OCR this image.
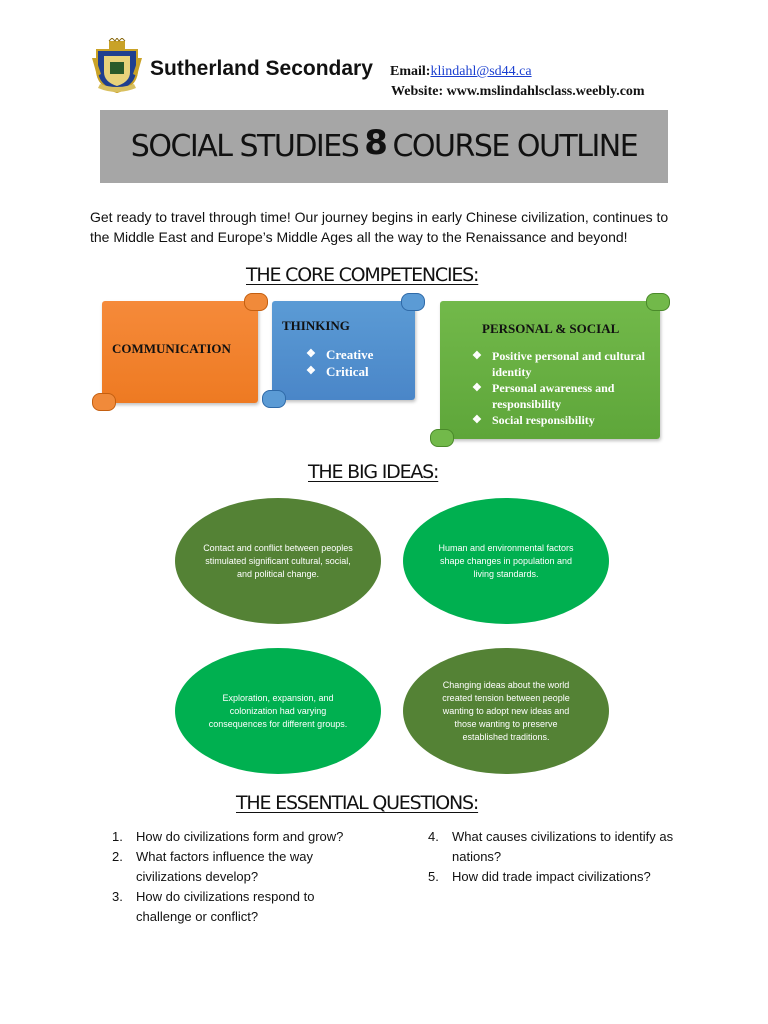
Sutherland Secondary Email:klindahl@sd44.ca
Website: www.mslindahlsclass.weebly.com
SOCIAL STUDIES 8 COURSE OUTLINE
Get ready to travel through time! Our journey begins in early Chinese civilization, continues to the Middle East and Europe’s Middle Ages all the way to the Renaissance and beyond!
THE CORE COMPETENCIES:
COMMUNICATION
THINKING
❖ Creative
❖ Critical
PERSONAL & SOCIAL
❖ Positive personal and cultural identity
❖ Personal awareness and responsibility
❖ Social responsibility
THE BIG IDEAS:
Contact and conflict between peoples stimulated significant cultural, social, and political change.
Human and environmental factors shape changes in population and living standards.
Exploration, expansion, and colonization had varying consequences for different groups.
Changing ideas about the world created tension between people wanting to adopt new ideas and those wanting to preserve established traditions.
THE ESSENTIAL QUESTIONS:
1. How do civilizations form and grow?
2. What factors influence the way civilizations develop?
3. How do civilizations respond to challenge or conflict?
4. What causes civilizations to identify as nations?
5. How did trade impact civilizations?
